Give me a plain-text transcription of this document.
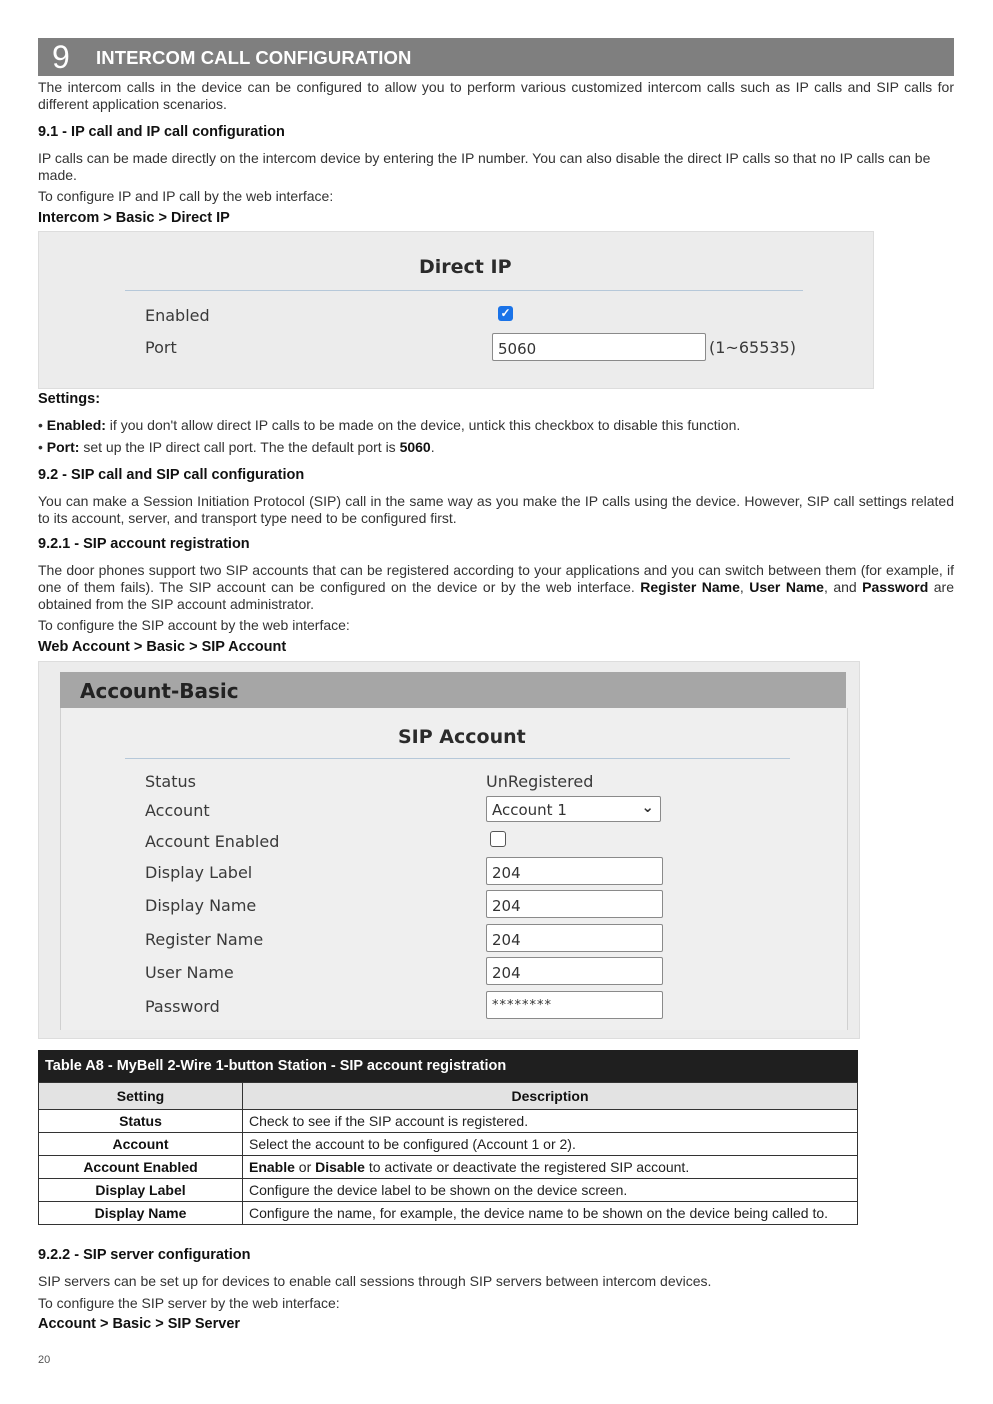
9 INTERCOM CALL CONFIGURATION
The intercom calls in the device can be configured to allow you to perform various customized intercom calls such as IP calls and SIP calls for different application scenarios.
9.1 - IP call and IP call configuration
IP calls can be made directly on the intercom device by entering the IP number. You can also disable the direct IP calls so that no IP calls can be made.
To configure IP and IP call by the web interface:
Intercom > Basic > Direct IP
Direct IP
Enabled	✓
Port	5060	(1~65535)
Settings:
• Enabled: if you don't allow direct IP calls to be made on the device, untick this checkbox to disable this function.
• Port: set up the IP direct call port. The the default port is 5060.
9.2 - SIP call and SIP call configuration
You can make a Session Initiation Protocol (SIP) call in the same way as you make the IP calls using the device. However, SIP call settings related to its account, server, and transport type need to be configured first.
9.2.1 - SIP account registration
The door phones support two SIP accounts that can be registered according to your applications and you can switch between them (for example, if one of them fails). The SIP account can be configured on the device or by the web interface. Register Name, User Name, and Password are obtained from the SIP account administrator.
To configure the SIP account by the web interface:
Web Account > Basic > SIP Account
Account-Basic
SIP Account
Status	UnRegistered
Account	Account 1	⌄
Account Enabled
Display Label	204
Display Name	204
Register Name	204
User Name	204
Password	********
Table A8 - MyBell 2-Wire 1-button Station - SIP account registration
Setting	Description
Status	Check to see if the SIP account is registered.
Account	Select the account to be configured (Account 1 or 2).
Account Enabled	Enable or Disable to activate or deactivate the registered SIP account.
Display Label	Configure the device label to be shown on the device screen.
Display Name	Configure the name, for example, the device name to be shown on the device being called to.
9.2.2 - SIP server configuration
SIP servers can be set up for devices to enable call sessions through SIP servers between intercom devices.
To configure the SIP server by the web interface:
Account > Basic > SIP Server
20
